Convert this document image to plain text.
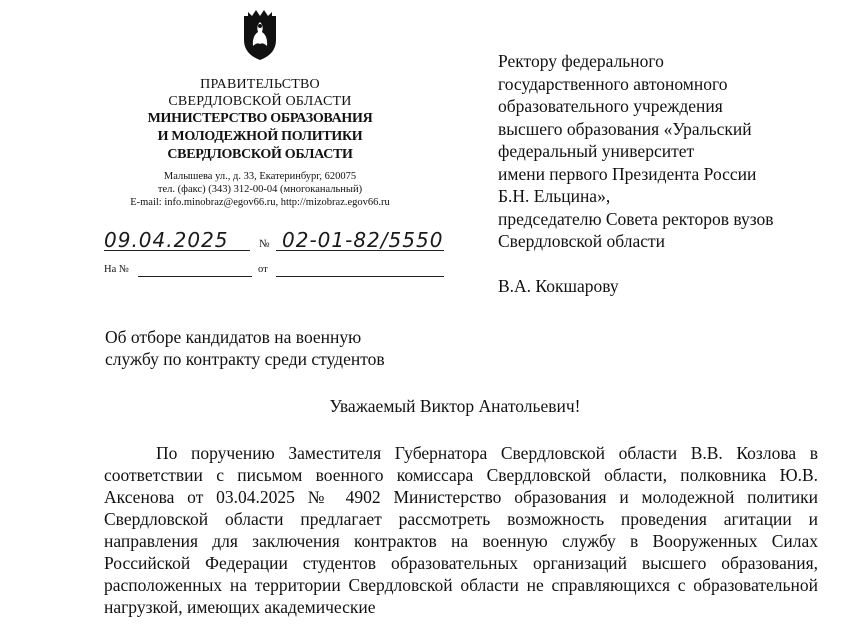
ПРАВИТЕЛЬСТВО
СВЕРДЛОВСКОЙ ОБЛАСТИ
МИНИСТЕРСТВО ОБРАЗОВАНИЯ
И МОЛОДЕЖНОЙ ПОЛИТИКИ
СВЕРДЛОВСКОЙ ОБЛАСТИ
Малышева ул., д. 33, Екатеринбург, 620075
тел. (факс) (343) 312-00-04 (многоканальный)
E-mail: info.minobraz@egov66.ru, http://mizobraz.egov66.ru
09.04.2025	№ 02-01-82/5550
На №	от
Ректору федерального
государственного автономного
образовательного учреждения
высшего образования «Уральский
федеральный университет
имени первого Президента России
Б.Н. Ельцина»,
председателю Совета ректоров вузов
Свердловской области
В.А. Кокшарову
Об отборе кандидатов на военную
службу по контракту среди студентов
Уважаемый Виктор Анатольевич!
По поручению Заместителя Губернатора Свердловской области В.В. Козлова в соответствии с письмом военного комиссара Свердловской области, полковника Ю.В. Аксенова от 03.04.2025 № 4902 Министерство образования и молодежной политики Свердловской области предлагает рассмотреть возможность проведения агитации и направления для заключения контрактов на военную службу в Вооруженных Силах Российской Федерации студентов образовательных организаций высшего образования, расположенных на территории Свердловской области не справляющихся с образовательной нагрузкой, имеющих академические
